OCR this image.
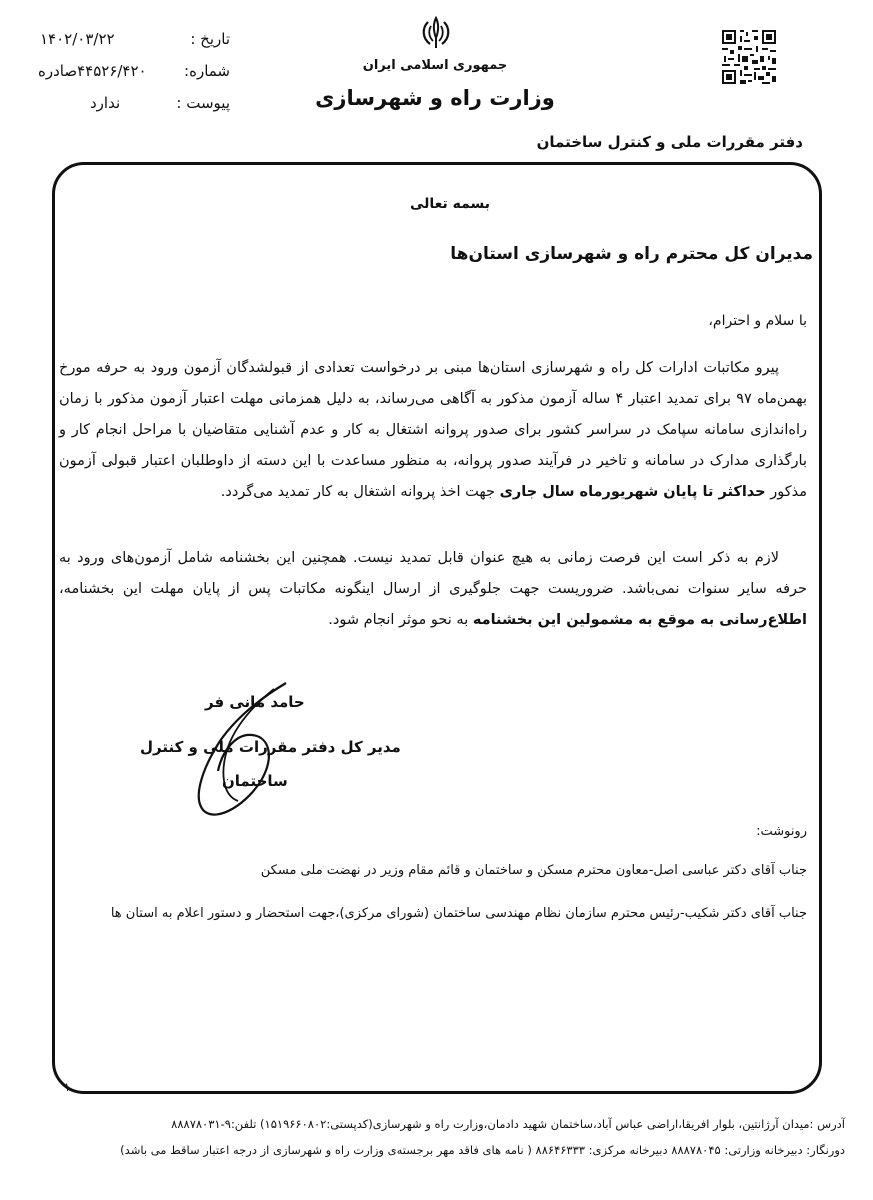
تاریخ :
۱۴۰۲/۰۳/۲۲
شماره:
۴۴۵۲۶/۴۲۰صادره
پیوست :
ندارد
جمهوری اسلامی ایران
وزارت راه و شهرسازی
دفتر مقررات ملی و کنترل ساختمان
بسمه تعالی
مدیران کل محترم راه و شهرسازی استان‌ها
با سلام و احترام،
پیرو مکاتبات ادارات کل راه و شهرسازی استان‌ها مبنی بر درخواست تعدادی از قبولشدگان آزمون ورود به حرفه مورخ بهمن‌ماه ۹۷ برای تمدید اعتبار ۴ ساله آزمون مذکور به آگاهی می‌رساند، به دلیل همزمانی مهلت اعتبار آزمون مذکور با زمان راه‌اندازی سامانه سپامک در سراسر کشور برای صدور پروانه اشتغال به کار و عدم آشنایی متقاضیان با مراحل انجام کار و بارگذاری مدارک در سامانه و تاخیر در فرآیند صدور پروانه، به منظور مساعدت با این دسته از داوطلبان اعتبار قبولی آزمون مذکور حداکثر تا پایان شهریورماه سال جاری جهت اخذ پروانه اشتغال به کار تمدید می‌گردد.
لازم به ذکر است این فرصت زمانی به هیچ عنوان قابل تمدید نیست. همچنین این بخشنامه شامل آزمون‌های ورود به حرفه سایر سنوات نمی‌باشد. ضروریست جهت جلوگیری از ارسال اینگونه مکاتبات پس از پایان مهلت این بخشنامه، اطلاع‌رسانی به موقع به مشمولین این بخشنامه به نحو موثر انجام شود.
حامد مانی فر
مدیر کل دفتر مقررات ملی و کنترل
ساختمان
رونوشت:
جناب آقای دکتر عباسی اصل-معاون محترم مسکن و ساختمان و قائم مقام وزیر در نهضت ملی مسکن
جناب آقای دکتر شکیب-رئیس محترم سازمان نظام مهندسی ساختمان (شورای مرکزی)،جهت استحضار و دستور اعلام به استان ها
۱
آدرس :میدان آرژانتین، بلوار افریقا،اراضی عباس آباد،ساختمان شهید دادمان،وزارت راه و شهرسازی(کدپستی:۱۵۱۹۶۶۰۸۰۲) تلفن:۹-۸۸۸۷۸۰۳۱
دورنگار: دبیرخانه وزارتی: ۸۸۸۷۸۰۴۵ دبیرخانه مرکزی: ۸۸۶۴۶۳۳۳ ( نامه های فاقد مهر برجسته‌ی وزارت راه و شهرسازی از درجه اعتبار ساقط می باشد)
